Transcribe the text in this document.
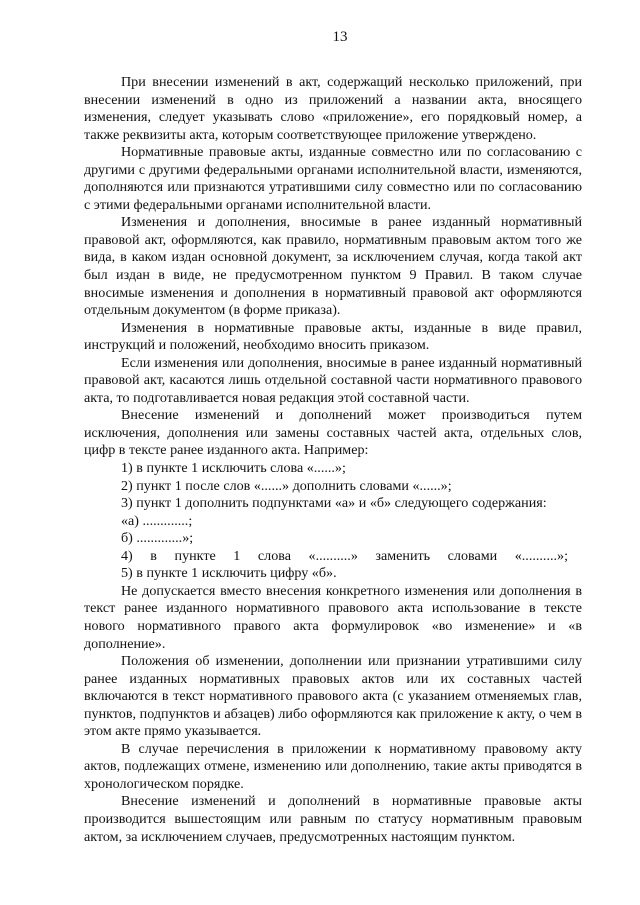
13

При внесении изменений в акт, содержащий несколько приложений, при внесении изменений в одно из приложений а названии акта, вносящего изменения, следует указывать слово «приложение», его порядковый номер, а также реквизиты акта, которым соответствующее приложение утверждено.

Нормативные правовые акты, изданные совместно или по согласованию с другими с другими федеральными органами исполнительной власти, изменяются, дополняются или признаются утратившими силу совместно или по согласованию с этими федеральными органами исполнительной власти.

Изменения и дополнения, вносимые в ранее изданный нормативный правовой акт, оформляются, как правило, нормативным правовым актом того же вида, в каком издан основной документ, за исключением случая, когда такой акт был издан в виде, не предусмотренном пунктом 9 Правил. В таком случае вносимые изменения и дополнения в нормативный правовой акт оформляются отдельным документом (в форме приказа).

Изменения в нормативные правовые акты, изданные в виде правил, инструкций и положений, необходимо вносить приказом.

Если изменения или дополнения, вносимые в ранее изданный нормативный правовой акт, касаются лишь отдельной составной части нормативного правового акта, то подготавливается новая редакция этой составной части.

Внесение изменений и дополнений может производиться путем исключения, дополнения или замены составных частей акта, отдельных слов, цифр в тексте ранее изданного акта. Например:

1) в пункте 1 исключить слова «......»;

2) пункт 1 после слов «......» дополнить словами «......»;

3) пункт 1 дополнить подпунктами «а» и «б» следующего содержания:

«а) .............;

б) .............»;

4) в пункте 1 слова «..........» заменить словами «..........»;

5) в пункте 1 исключить цифру «б».

Не допускается вместо внесения конкретного изменения или дополнения в текст ранее изданного нормативного правового акта использование в тексте нового нормативного правого акта формулировок «во изменение» и «в дополнение».

Положения об изменении, дополнении или признании утратившими силу ранее изданных нормативных правовых актов или их составных частей включаются в текст нормативного правового акта (с указанием отменяемых глав, пунктов, подпунктов и абзацев) либо оформляются как приложение к акту, о чем в этом акте прямо указывается.

В случае перечисления в приложении к нормативному правовому акту актов, подлежащих отмене, изменению или дополнению, такие акты приводятся в хронологическом порядке.

Внесение изменений и дополнений в нормативные правовые акты производится вышестоящим или равным по статусу нормативным правовым актом, за исключением случаев, предусмотренных настоящим пунктом.
